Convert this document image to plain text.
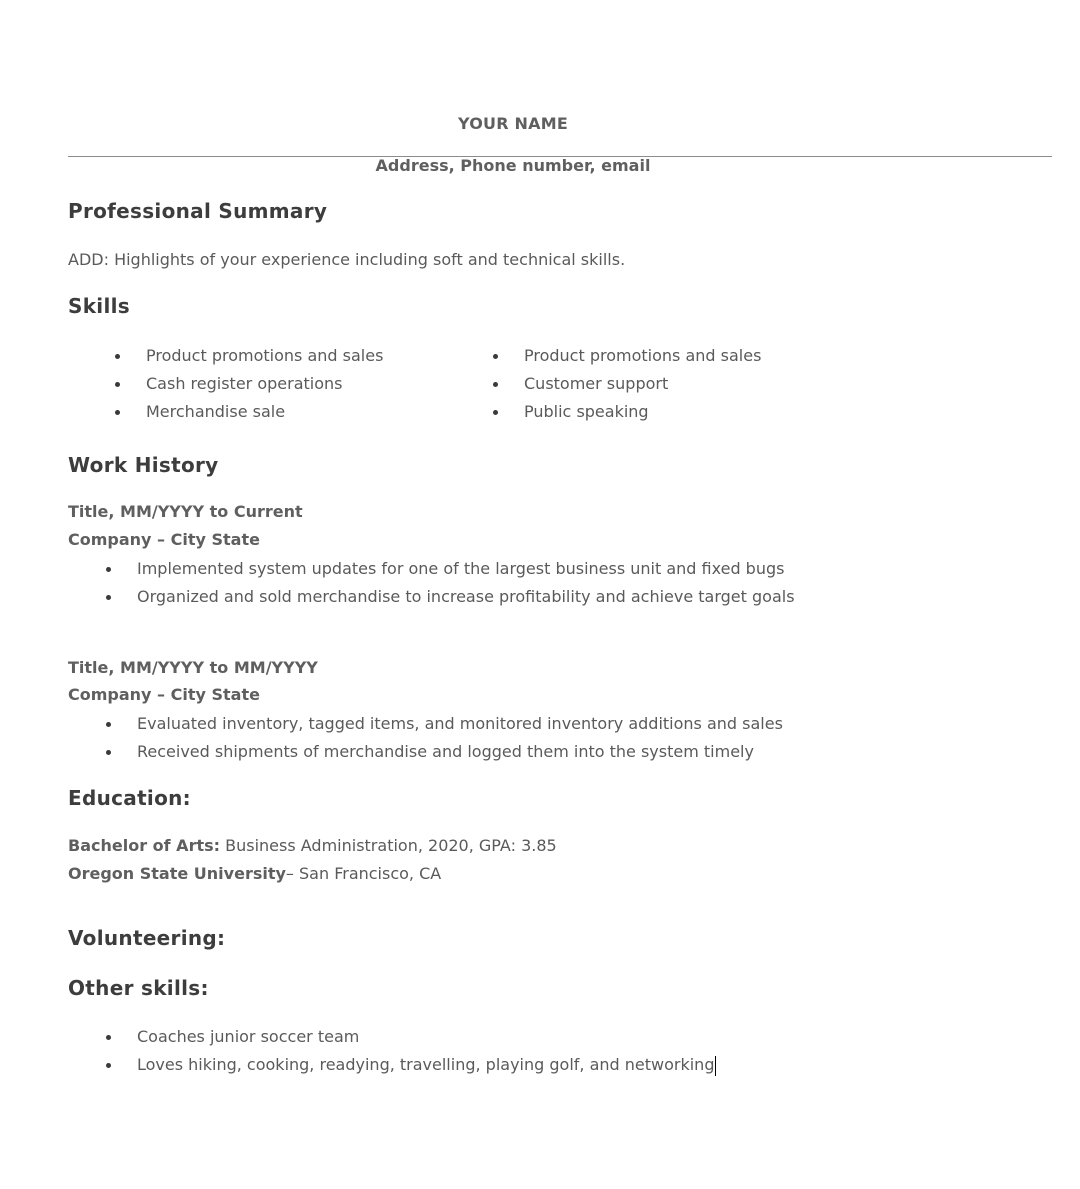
YOUR NAME
Address, Phone number, email
Professional Summary

ADD: Highlights of your experience including soft and technical skills.

Skills
Product promotions and sales
Cash register operations
Merchandise sale
Product promotions and sales
Customer support
Public speaking
Work History

Title, MM/YYYY to Current

Company – City State

Implemented system updates for one of the largest business unit and fixed bugs
Organized and sold merchandise to increase profitability and achieve target goals

Title, MM/YYYY to MM/YYYY

Company – City State

Evaluated inventory, tagged items, and monitored inventory additions and sales
Received shipments of merchandise and logged them into the system timely
Education:

Bachelor of Arts: Business Administration, 2020, GPA: 3.85

Oregon State University– San Francisco, CA

Volunteering:
Other skills:
Coaches junior soccer team
Loves hiking, cooking, readying, travelling, playing golf, and networking
